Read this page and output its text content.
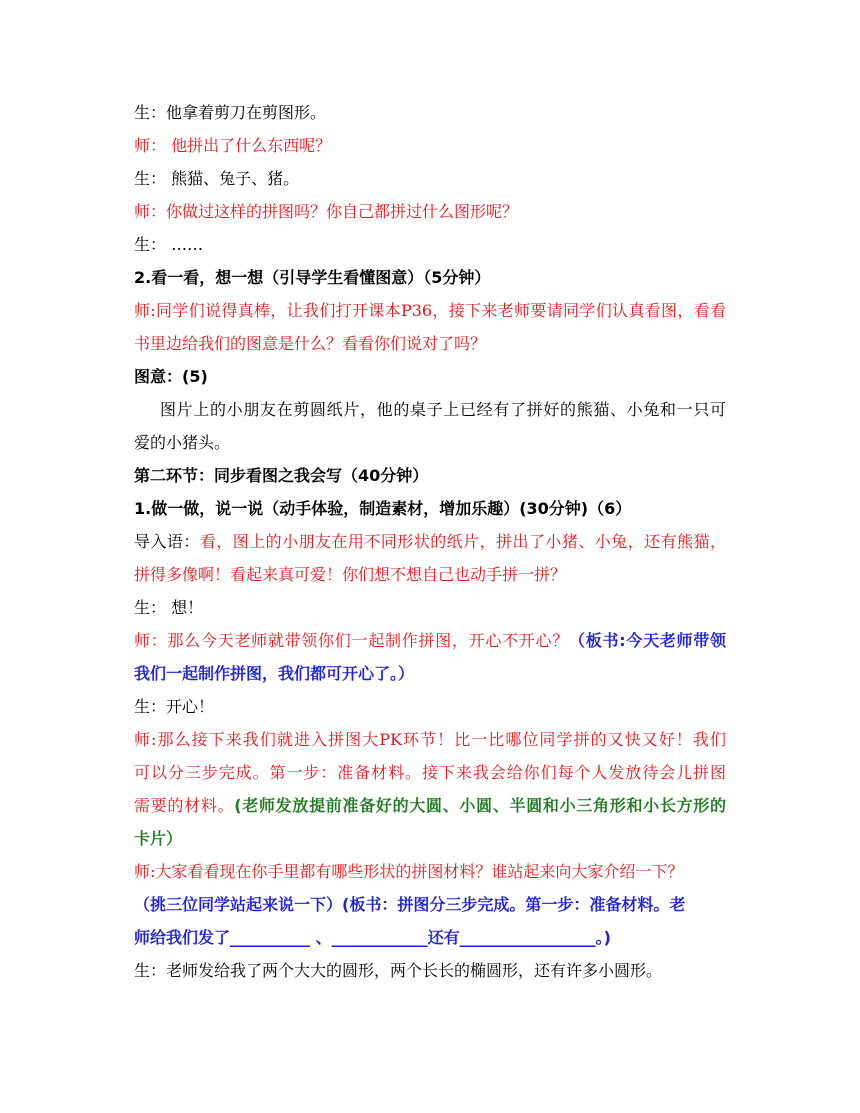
生：他拿着剪刀在剪图形。
师： 他拼出了什么东西呢？
生： 熊猫、兔子、猪。
师：你做过这样的拼图吗？你自己都拼过什么图形呢？
生： ……
2.看一看，想一想（引导学生看懂图意）（5分钟）
师:同学们说得真棒，让我们打开课本P36，接下来老师要请同学们认真看图，看看
书里边给我们的图意是什么？看看你们说对了吗？
图意：(5)
图片上的小朋友在剪圆纸片，他的桌子上已经有了拼好的熊猫、小兔和一只可
爱的小猪头。
第二环节：同步看图之我会写（40分钟）
1.做一做，说一说（动手体验，制造素材，增加乐趣）(30分钟)（6）
导入语：看，图上的小朋友在用不同形状的纸片，拼出了小猪、小兔，还有熊猫，
拼得多像啊！看起来真可爱！你们想不想自己也动手拼一拼？
生： 想！
师：那么今天老师就带领你们一起制作拼图，开心不开心？（板书:今天老师带领
我们一起制作拼图，我们都可开心了。）
生：开心！
师:那么接下来我们就进入拼图大PK环节！比一比哪位同学拼的又快又好！我们
可以分三步完成。第一步：准备材料。接下来我会给你们每个人发放待会儿拼图
需要的材料。(老师发放提前准备好的大圆、小圆、半圆和小三角形和小长方形的
卡片）
师:大家看看现在你手里都有哪些形状的拼图材料？谁站起来向大家介绍一下？
（挑三位同学站起来说一下）(板书：拼图分三步完成。第一步：准备材料。老
师给我们发了__________ 、____________还有_________________。)
生：老师发给我了两个大大的圆形，两个长长的椭圆形，还有许多小圆形。
